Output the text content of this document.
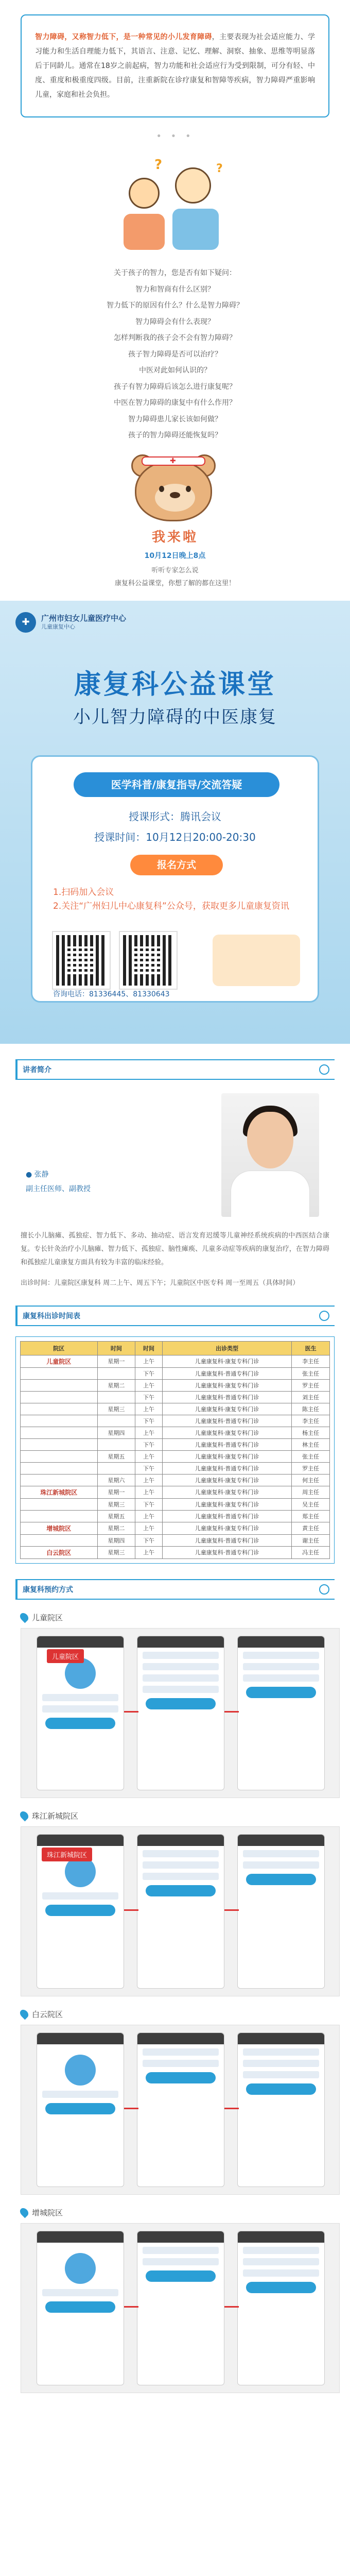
智力障碍，又称智力低下，是一种常见的小儿发育障碍，主要表现为社会适应能力、学习能力和生活自理能力低下，其语言、注意、记忆、理解、洞察、抽象、思维等明显落后于同龄儿。通常在18岁之前起病，智力功能和社会适应行为受到限制，可分有轻、中度、重度和极重度四级。目前，注重新院在诊疗康复和智障等疾病，智力障碍严重影响儿童，家庭和社会负担。
• • •
?	?
关于孩子的智力，您是否有如下疑问：
智力和智商有什么区别？
智力低下的原因有什么？什么是智力障碍？
智力障碍会有什么表现？
怎样判断我的孩子会不会有智力障碍？
孩子智力障碍是否可以治疗？
中医对此如何认识的？
孩子有智力障碍后该怎么进行康复呢？
中医在智力障碍的康复中有什么作用？
智力障碍患儿家长该如何做？
孩子的智力障碍还能恢复吗？
✚
我来啦
10月12日晚上8点
听听专家怎么说
康复科公益课堂，你想了解的都在这里！
✚	广州市妇女儿童医疗中心
儿童康复中心
康复科公益课堂
小儿智力障碍的中医康复
医学科普/康复指导/交流答疑
授课形式：腾讯会议
授课时间：10月12日20:00-20:30
报名方式
1.扫码加入会议
2.关注“广州妇儿中心康复科”公众号，获取更多儿童康复资讯
咨询电话：81336445、81330643
讲者简介
● 张静
副主任医师、副教授
擅长小儿脑瘫、孤独症、智力低下、多动、抽动症、语言发育迟缓等儿童神经系统疾病的中西医结合康复。专长针灸治疗小儿脑瘫、智力低下、孤独症、脑性瘫痪、儿童多动症等疾病的康复治疗，在智力障碍和孤独症儿童康复方面具有较为丰富的临床经验。
出诊时间：儿童院区康复科 周二上午、周五下午；儿童院区中医专科 周一至周五（具体时间）
康复科出诊时间表
院区	时间	时间	出诊类型	医生
儿童院区	星期一	上午	儿童康复科·康复专科门诊	李主任
		下午	儿童康复科·普通专科门诊	张主任
	星期二	上午	儿童康复科·康复专科门诊	罗主任
		下午	儿童康复科·普通专科门诊	刘主任
	星期三	上午	儿童康复科·康复专科门诊	陈主任
		下午	儿童康复科·普通专科门诊	李主任
	星期四	上午	儿童康复科·康复专科门诊	杨主任
		下午	儿童康复科·普通专科门诊	林主任
	星期五	上午	儿童康复科·康复专科门诊	张主任
		下午	儿童康复科·普通专科门诊	罗主任
	星期六	上午	儿童康复科·康复专科门诊	何主任
珠江新城院区	星期一	上午	儿童康复科·康复专科门诊	周主任
	星期三	下午	儿童康复科·康复专科门诊	吴主任
	星期五	上午	儿童康复科·普通专科门诊	郑主任
增城院区	星期二	上午	儿童康复科·康复专科门诊	黄主任
	星期四	下午	儿童康复科·普通专科门诊	谢主任
白云院区	星期三	上午	儿童康复科·普通专科门诊	冯主任
康复科预约方式
儿童院区
儿童院区
珠江新城院区
珠江新城院区
白云院区
增城院区
